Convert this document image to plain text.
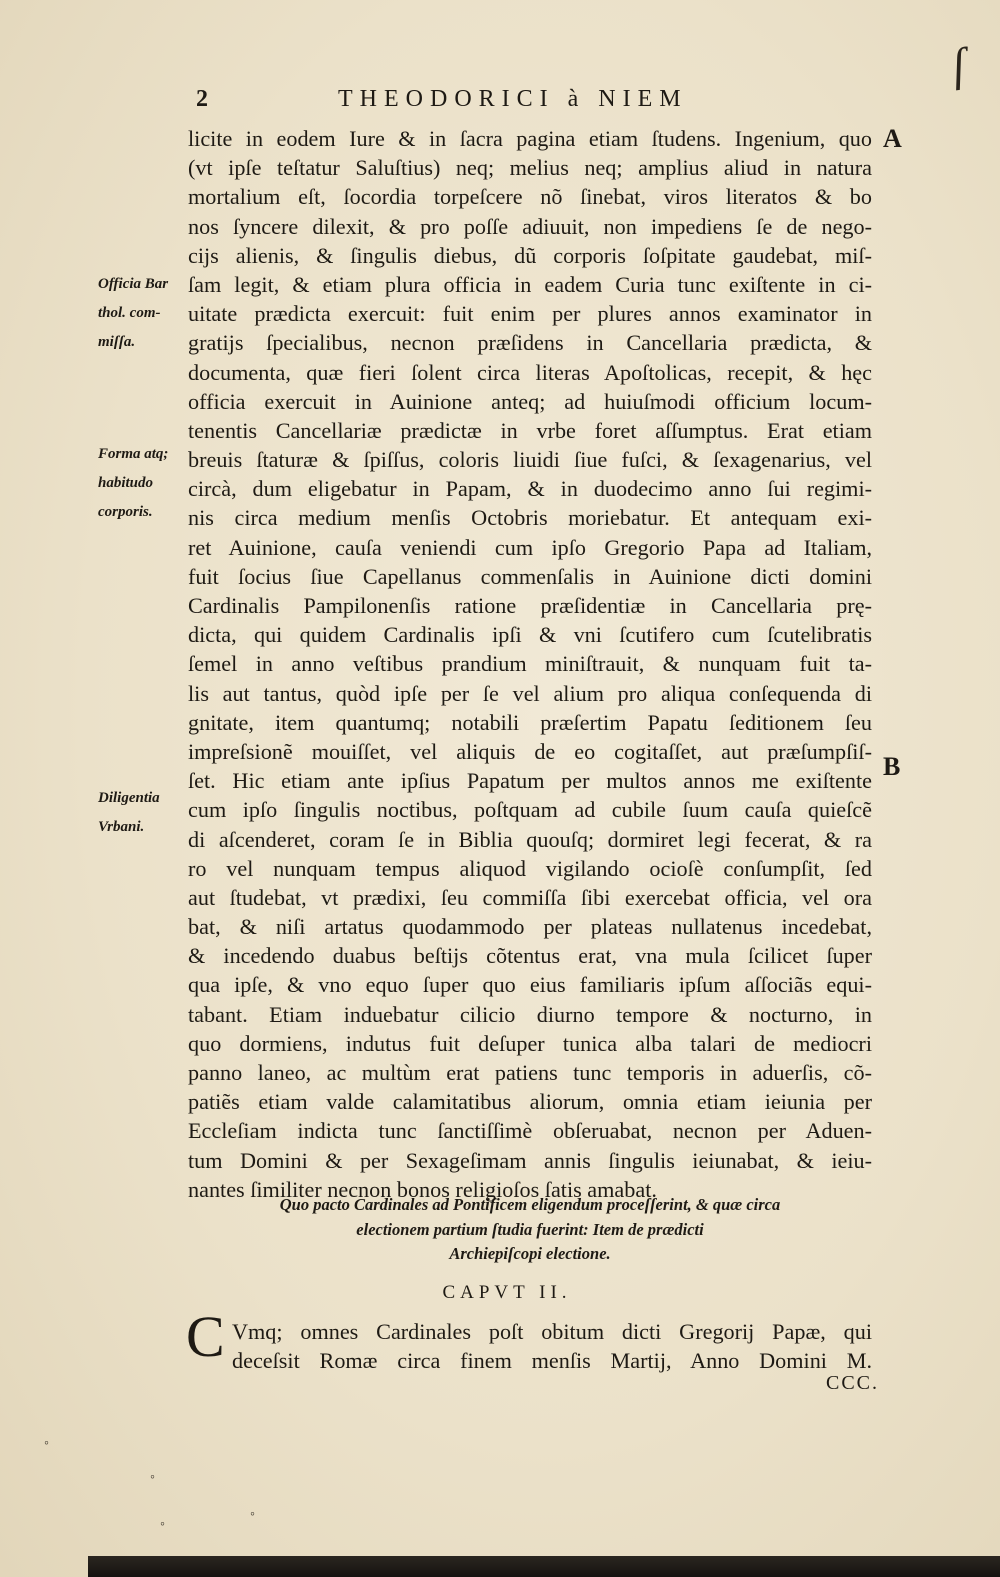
ſ
2	THEODORICI à NIEM
licite in eodem Iure & in ſacra pagina etiam ſtudens. Ingenium, quo
(vt ipſe teſtatur Saluſtius) neq; melius neq; amplius aliud in natura
mortalium eſt, ſocordia torpeſcere nõ ſinebat, viros literatos & bo
nos ſyncere dilexit, & pro poſſe adiuuit, non impediens ſe de nego-
cijs alienis, & ſingulis diebus, dũ corporis ſoſpitate gaudebat, miſ-
ſam legit, & etiam plura officia in eadem Curia tunc exiſtente in ci-
uitate prædicta exercuit: fuit enim per plures annos examinator in
gratijs ſpecialibus, necnon præſidens in Cancellaria prædicta, &
documenta, quæ fieri ſolent circa literas Apoſtolicas, recepit, & hęc
officia exercuit in Auinione anteq; ad huiuſmodi officium locum-
tenentis Cancellariæ prædictæ in vrbe foret aſſumptus. Erat etiam
breuis ſtaturæ & ſpiſſus, coloris liuidi ſiue fuſci, & ſexagenarius, vel
circà, dum eligebatur in Papam, & in duodecimo anno ſui regimi-
nis circa medium menſis Octobris moriebatur. Et antequam exi-
ret Auinione, cauſa veniendi cum ipſo Gregorio Papa ad Italiam,
fuit ſocius ſiue Capellanus commenſalis in Auinione dicti domini
Cardinalis Pampilonenſis ratione præſidentiæ in Cancellaria prę-
dicta, qui quidem Cardinalis ipſi & vni ſcutifero cum ſcutelibratis
ſemel in anno veſtibus prandium miniſtrauit, & nunquam fuit ta-
lis aut tantus, quòd ipſe per ſe vel alium pro aliqua conſequenda di
gnitate, item quantumq; notabili præſertim Papatu ſeditionem ſeu
impreſsionẽ mouiſſet, vel aliquis de eo cogitaſſet, aut præſumpſiſ-
ſet. Hic etiam ante ipſius Papatum per multos annos me exiſtente
cum ipſo ſingulis noctibus, poſtquam ad cubile ſuum cauſa quieſcẽ
di aſcenderet, coram ſe in Biblia quouſq; dormiret legi fecerat, & ra
ro vel nunquam tempus aliquod vigilando ocioſè conſumpſit, ſed
aut ſtudebat, vt prædixi, ſeu commiſſa ſibi exercebat officia, vel ora
bat, & niſi artatus quodammodo per plateas nullatenus incedebat,
& incedendo duabus beſtijs cõtentus erat, vna mula ſcilicet ſuper
qua ipſe, & vno equo ſuper quo eius familiaris ipſum aſſociãs equi-
tabant. Etiam induebatur cilicio diurno tempore & nocturno, in
quo dormiens, indutus fuit deſuper tunica alba talari de mediocri
panno laneo, ac multùm erat patiens tunc temporis in aduerſis, cõ-
patiẽs etiam valde calamitatibus aliorum, omnia etiam ieiunia per
Eccleſiam indicta tunc ſanctiſſimè obſeruabat, necnon per Aduen-
tum Domini & per Sexageſimam annis ſingulis ieiunabat, & ieiu-
nantes ſimiliter necnon bonos religioſos ſatis amabat.
Officia Bar
thol. com-
miſſa.
Forma atq;
habitudo
corporis.
Diligentia
Vrbani.
A
B
Quo pacto Cardinales ad Pontificem eligendum proceſſerint, & quæ circa
electionem partium ſtudia fuerint: Item de prædicti
Archiepiſcopi electione.
CAPVT II.
C Vmq; omnes Cardinales poſt obitum dicti Gregorij Papæ, qui
deceſsit Romæ circa finem menſis Martij, Anno Domini M.
CCC.
◦
◦
◦
◦
